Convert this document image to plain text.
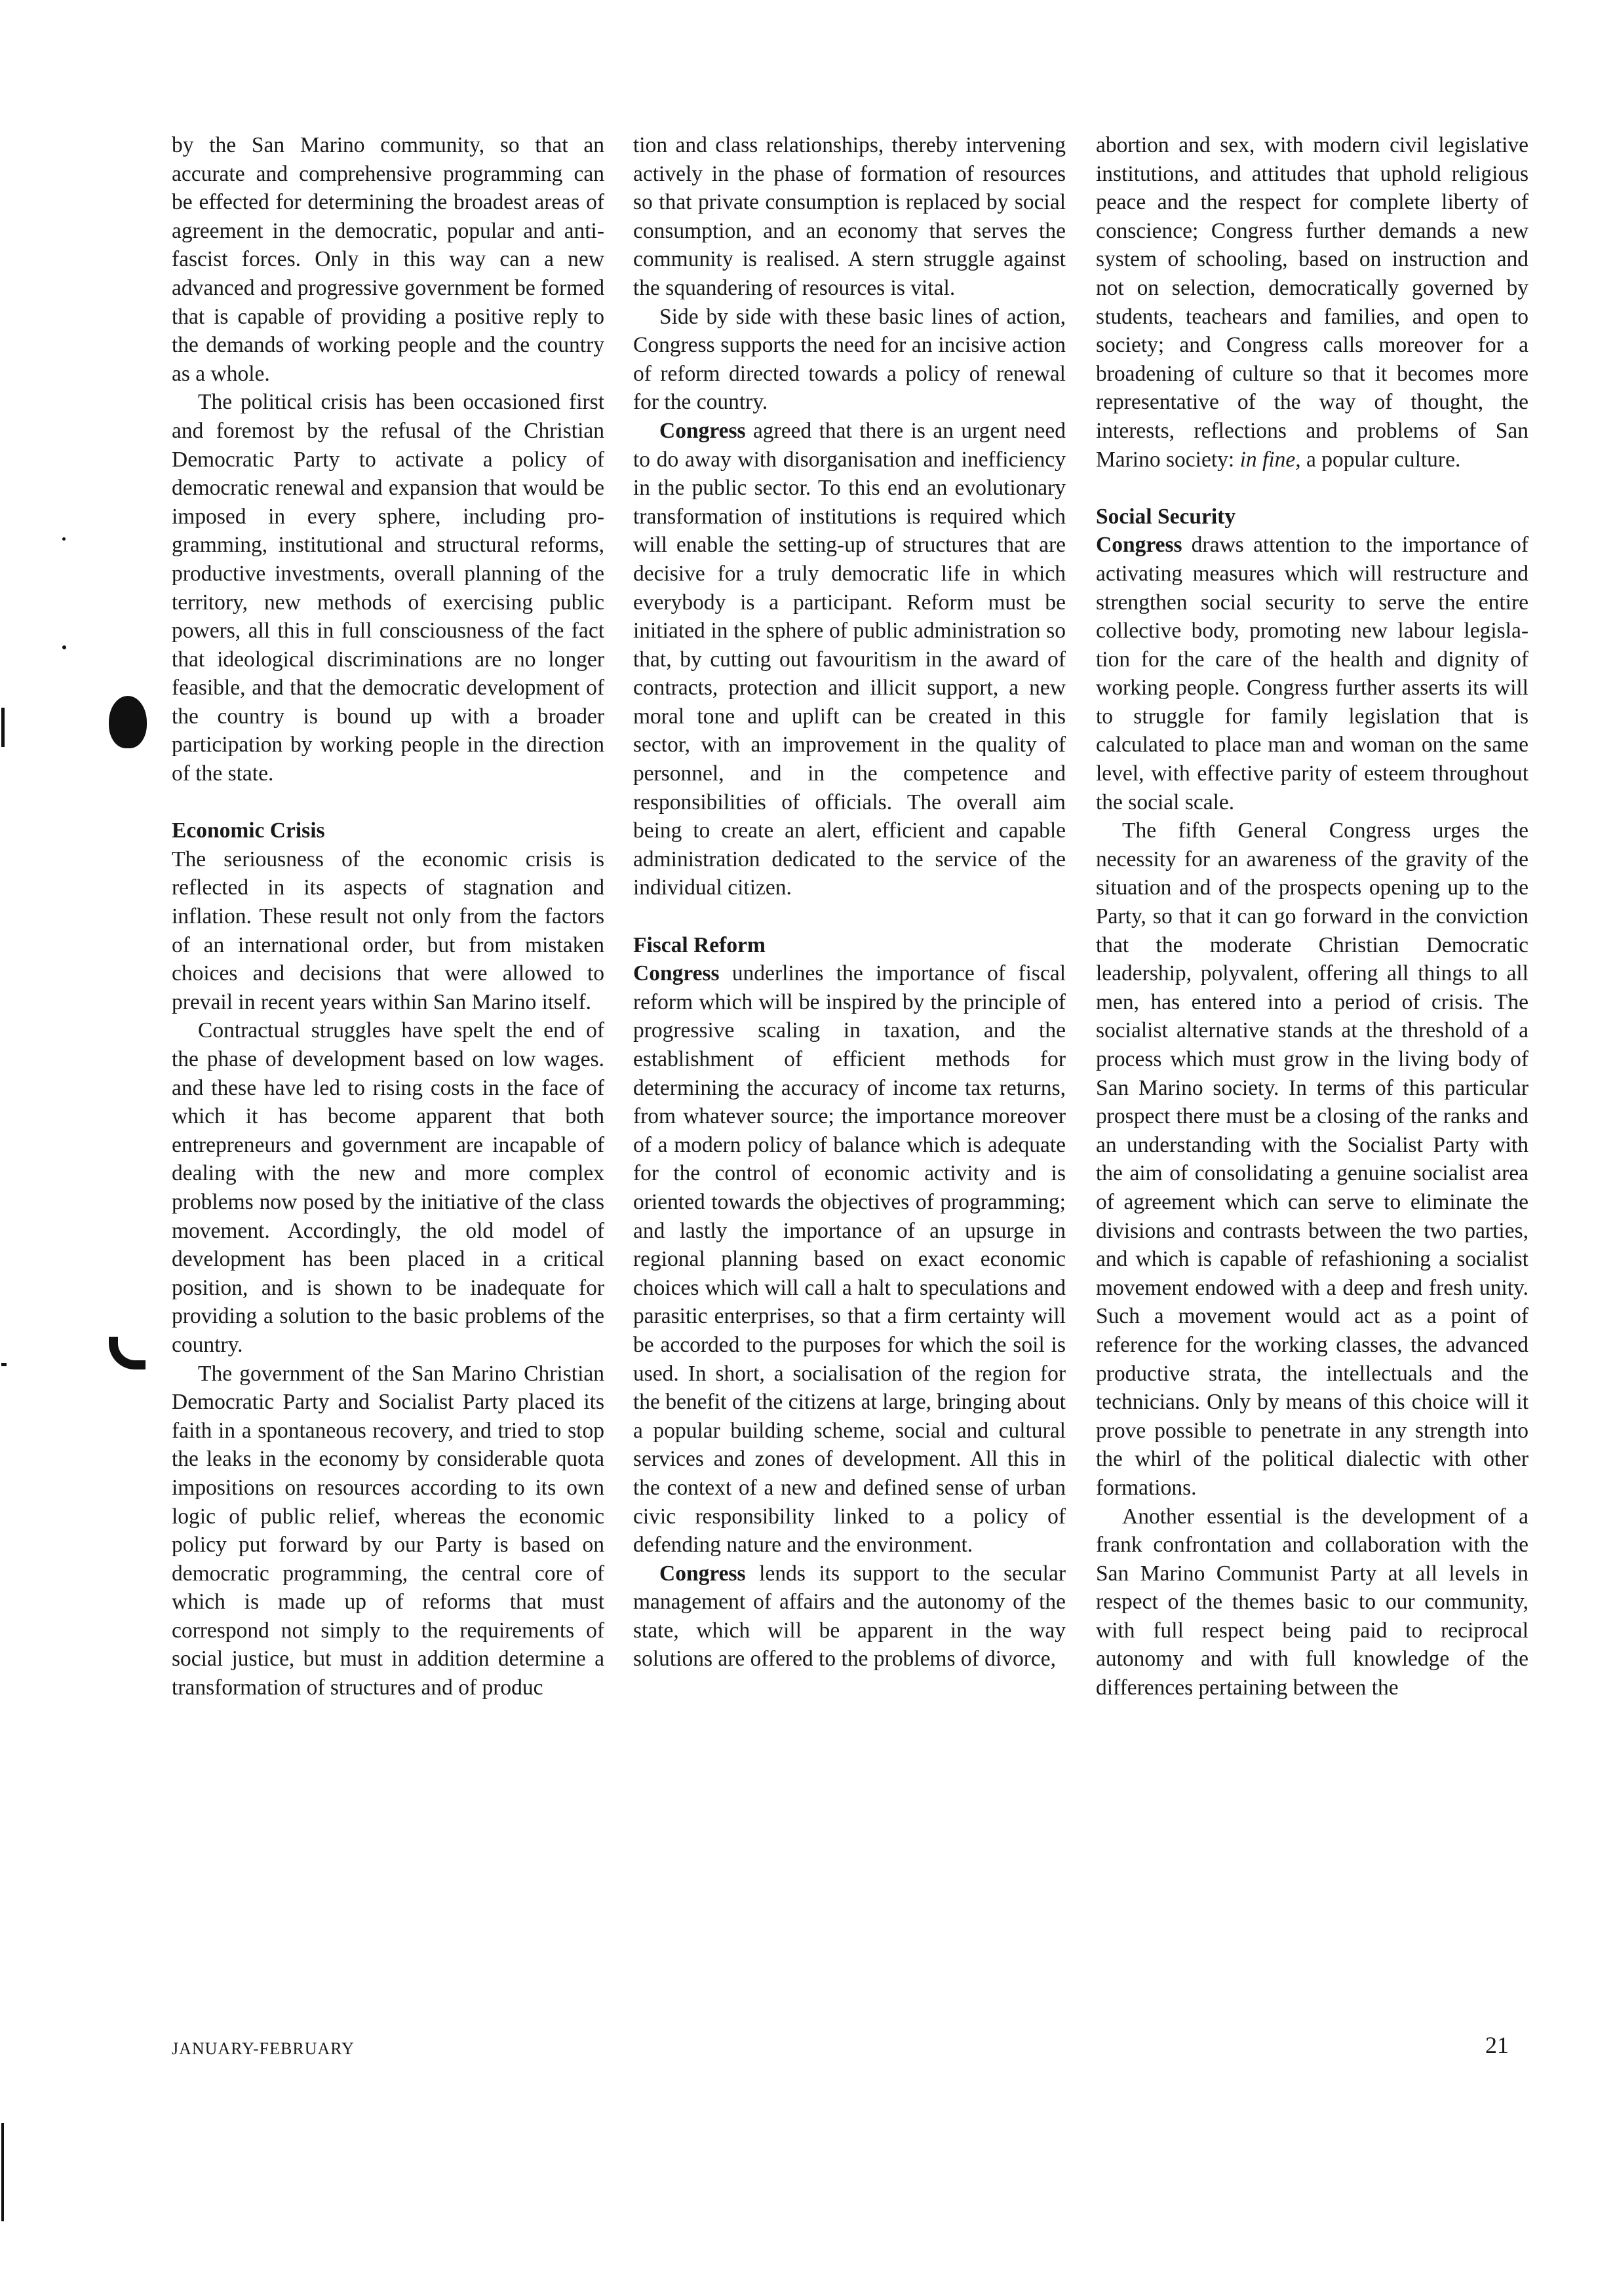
by the San Marino community, so that an accurate and comprehensive programming can be effected for determining the broadest areas of agreement in the democratic, popular and anti-fascist forces. Only in this way can a new advanced and progressive government be formed that is capable of providing a positive reply to the demands of working people and the country as a whole.

The political crisis has been occasioned first and foremost by the refusal of the Christian Democratic Party to activate a policy of democratic renewal and expansion that would be imposed in every sphere, including programming, institutional and structural reforms, productive investments, overall planning of the territory, new methods of exercising public powers, all this in full consciousness of the fact that ideological discriminations are no longer feasible, and that the democratic development of the country is bound up with a broader participation by working people in the direction of the state.

Economic Crisis

The seriousness of the economic crisis is reflected in its aspects of stagnation and inflation. These result not only from the factors of an international order, but from mistaken choices and decisions that were allowed to prevail in recent years within San Marino itself.

Contractual struggles have spelt the end of the phase of development based on low wages. and these have led to rising costs in the face of which it has become apparent that both entrepreneurs and government are incapable of dealing with the new and more complex problems now posed by the initiative of the class movement. Accordingly, the old model of development has been placed in a critical position, and is shown to be inadequate for providing a solution to the basic problems of the country.

The government of the San Marino Christian Democratic Party and Socialist Party placed its faith in a spontaneous recovery, and tried to stop the leaks in the economy by considerable quota impositions on resources according to its own logic of public relief, whereas the economic policy put forward by our Party is based on democratic programming, the central core of which is made up of reforms that must correspond not simply to the requirements of social justice, but must in addition determine a transformation of structures and of produc

tion and class relationships, thereby intervening actively in the phase of formation of resources so that private consumption is replaced by social consumption, and an economy that serves the community is realised. A stern struggle against the squandering of resources is vital.

Side by side with these basic lines of action, Congress supports the need for an incisive action of reform directed towards a policy of renewal for the country.

Congress agreed that there is an urgent need to do away with disorganisation and inefficiency in the public sector. To this end an evolutionary transformation of institutions is required which will enable the setting-up of structures that are decisive for a truly democratic life in which everybody is a participant. Reform must be initiated in the sphere of public administration so that, by cutting out favouritism in the award of contracts, protection and illicit support, a new moral tone and uplift can be created in this sector, with an improvement in the quality of personnel, and in the competence and responsibilities of officials. The overall aim being to create an alert, efficient and capable administration dedicated to the service of the individual citizen.

Fiscal Reform

Congress underlines the importance of fiscal reform which will be inspired by the principle of progressive scaling in taxation, and the establishment of efficient methods for determining the accuracy of income tax returns, from whatever source; the importance moreover of a modern policy of balance which is adequate for the control of economic activity and is oriented towards the objectives of programming; and lastly the importance of an upsurge in regional planning based on exact economic choices which will call a halt to speculations and parasitic enterprises, so that a firm certainty will be accorded to the purposes for which the soil is used. In short, a socialisation of the region for the benefit of the citizens at large, bringing about a popular building scheme, social and cultural services and zones of development. All this in the context of a new and defined sense of urban civic responsibility linked to a policy of defending nature and the environment.

Congress lends its support to the secular management of affairs and the autonomy of the state, which will be apparent in the way solutions are offered to the problems of divorce,

abortion and sex, with modern civil legislative institutions, and attitudes that uphold religious peace and the respect for complete liberty of conscience; Congress further demands a new system of schooling, based on instruction and not on selection, democratically governed by students, teachears and families, and open to society; and Congress calls moreover for a broadening of culture so that it becomes more representative of the way of thought, the interests, reflections and problems of San Marino society: in fine, a popular culture.

Social Security

Congress draws attention to the importance of activating measures which will restructure and strengthen social security to serve the entire collective body, promoting new labour legislation for the care of the health and dignity of working people. Congress further asserts its will to struggle for family legislation that is calculated to place man and woman on the same level, with effective parity of esteem throughout the social scale.

The fifth General Congress urges the necessity for an awareness of the gravity of the situation and of the prospects opening up to the Party, so that it can go forward in the conviction that the moderate Christian Democratic leadership, polyvalent, offering all things to all men, has entered into a period of crisis. The socialist alternative stands at the threshold of a process which must grow in the living body of San Marino society. In terms of this particular prospect there must be a closing of the ranks and an understanding with the Socialist Party with the aim of consolidating a genuine socialist area of agreement which can serve to eliminate the divisions and contrasts between the two parties, and which is capable of refashioning a socialist movement endowed with a deep and fresh unity. Such a movement would act as a point of reference for the working classes, the advanced productive strata, the intellectuals and the technicians. Only by means of this choice will it prove possible to penetrate in any strength into the whirl of the political dialectic with other formations.

Another essential is the development of a frank confrontation and collaboration with the San Marino Communist Party at all levels in respect of the themes basic to our community, with full respect being paid to reciprocal autonomy and with full knowledge of the differences pertaining between the

JANUARY-FEBRUARY	21
